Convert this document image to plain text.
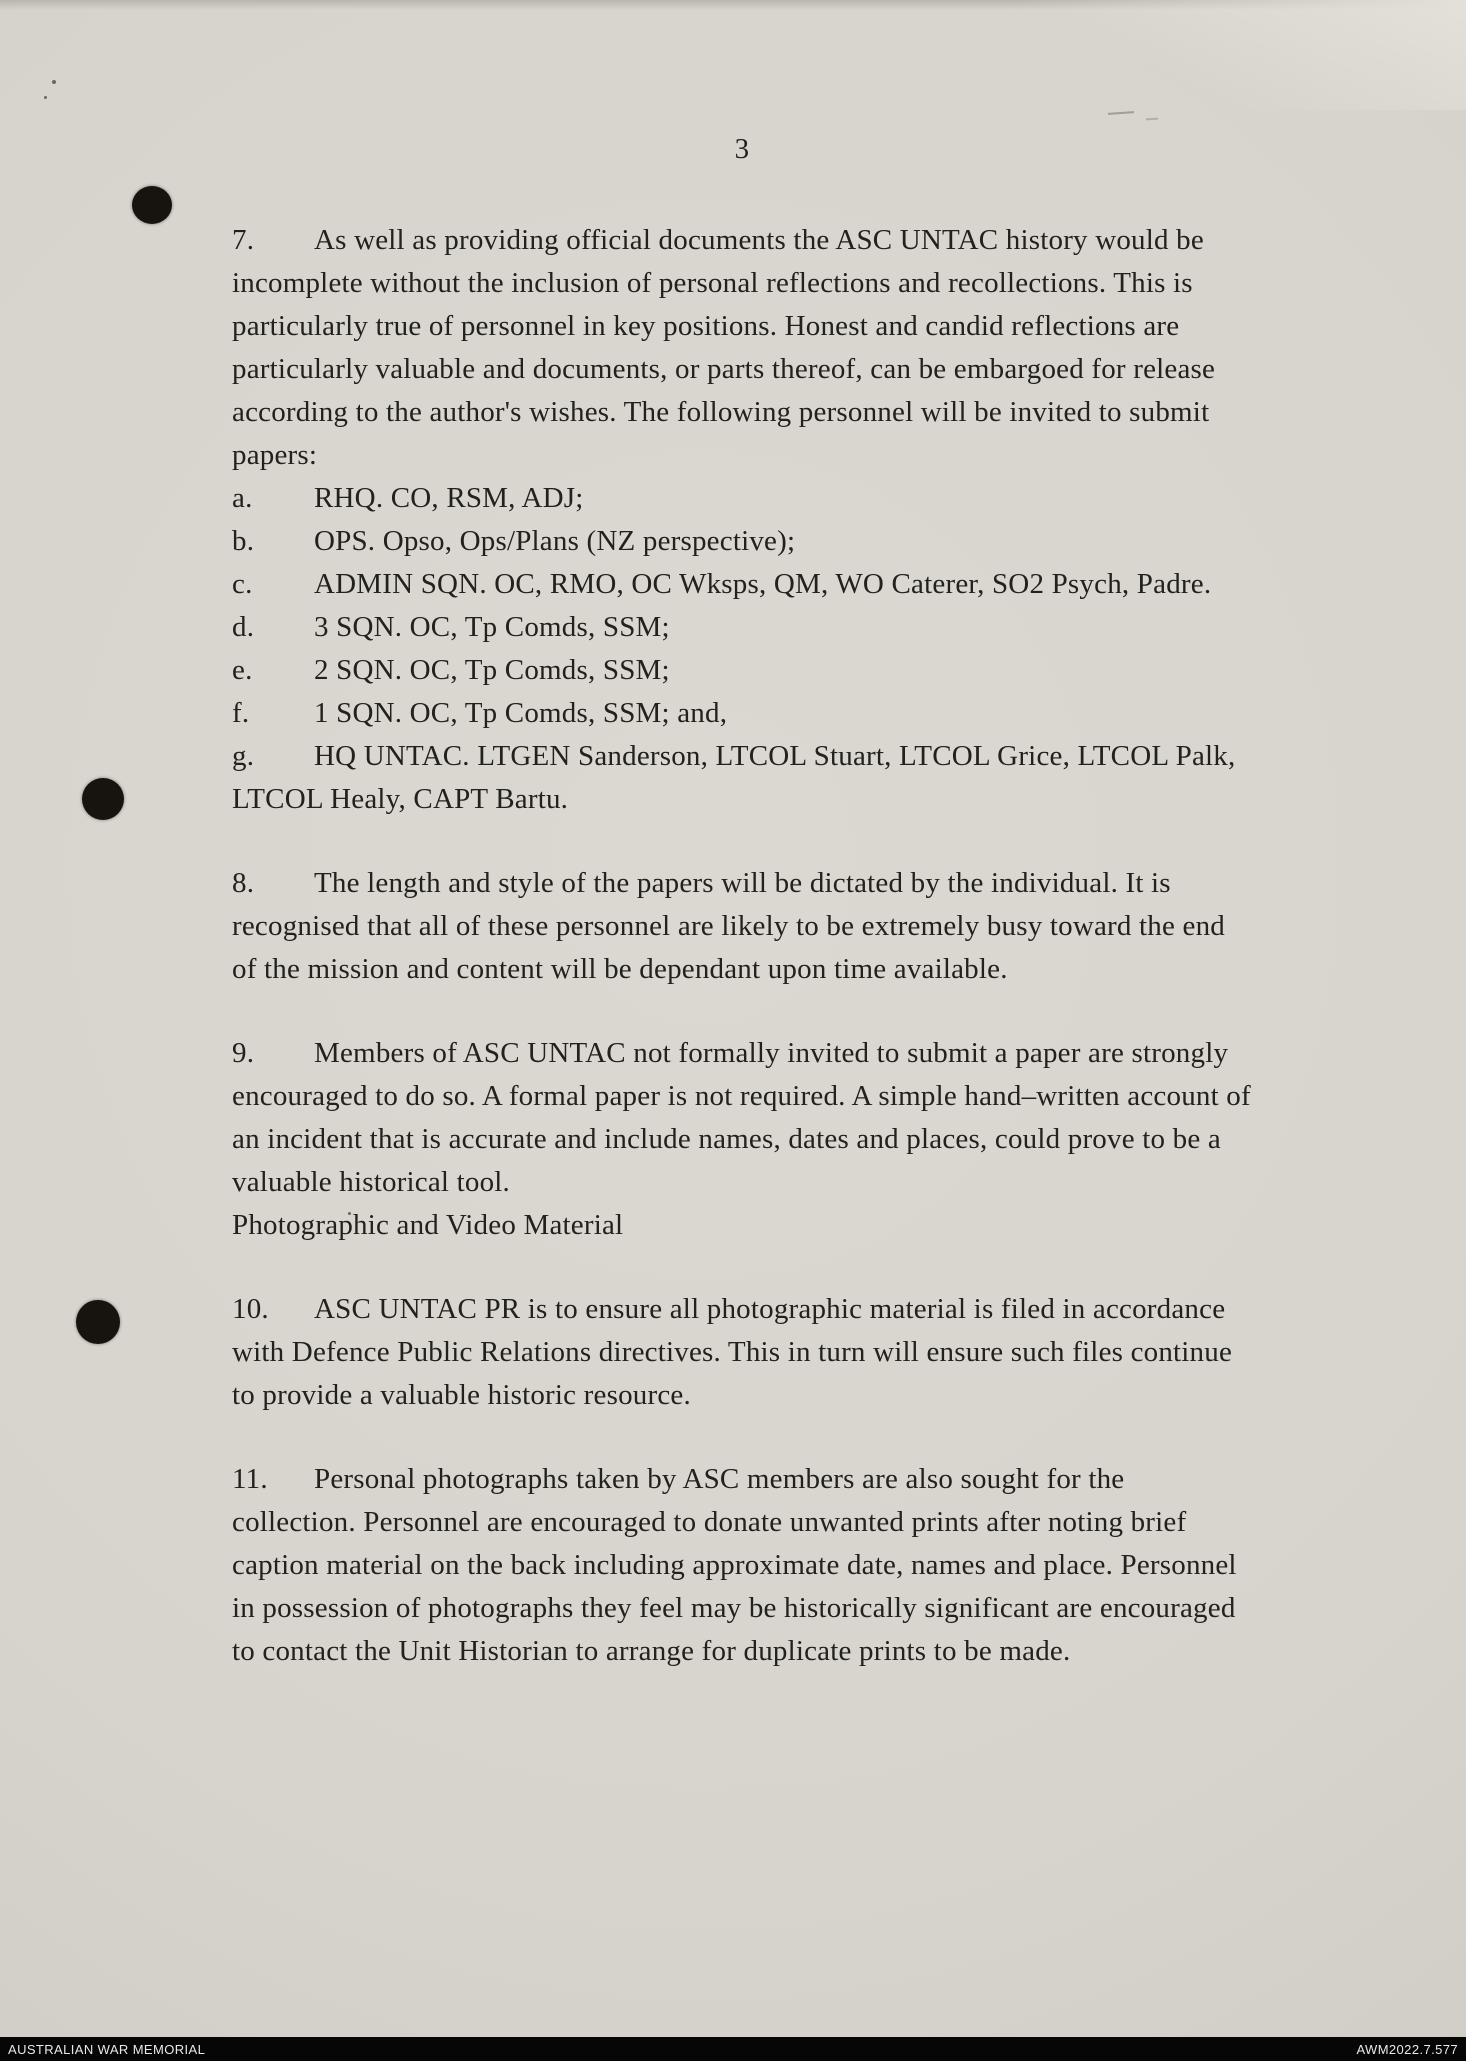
3

7. As well as providing official documents the ASC UNTAC history would be incomplete without the inclusion of personal reflections and recollections. This is particularly true of personnel in key positions. Honest and candid reflections are particularly valuable and documents, or parts thereof, can be embargoed for release according to the author's wishes. The following personnel will be invited to submit papers:

a. RHQ. CO, RSM, ADJ;

b. OPS. Opso, Ops/Plans (NZ perspective);

c. ADMIN SQN. OC, RMO, OC Wksps, QM, WO Caterer, SO2 Psych, Padre.

d. 3 SQN. OC, Tp Comds, SSM;

e. 2 SQN. OC, Tp Comds, SSM;

f. 1 SQN. OC, Tp Comds, SSM; and,

g. HQ UNTAC. LTGEN Sanderson, LTCOL Stuart, LTCOL Grice, LTCOL Palk, LTCOL Healy, CAPT Bartu.

8. The length and style of the papers will be dictated by the individual. It is recognised that all of these personnel are likely to be extremely busy toward the end of the mission and content will be dependant upon time available.

9. Members of ASC UNTAC not formally invited to submit a paper are strongly encouraged to do so. A formal paper is not required. A simple hand–written account of an incident that is accurate and include names, dates and places, could prove to be a valuable historical tool.

Photographic and Video Material

10. ASC UNTAC PR is to ensure all photographic material is filed in accordance with Defence Public Relations directives. This in turn will ensure such files continue to provide a valuable historic resource.

11. Personal photographs taken by ASC members are also sought for the collection. Personnel are encouraged to donate unwanted prints after noting brief caption material on the back including approximate date, names and place. Personnel in possession of photographs they feel may be historically significant are encouraged to contact the Unit Historian to arrange for duplicate prints to be made.

AUSTRALIAN WAR MEMORIAL	AWM2022.7.577
